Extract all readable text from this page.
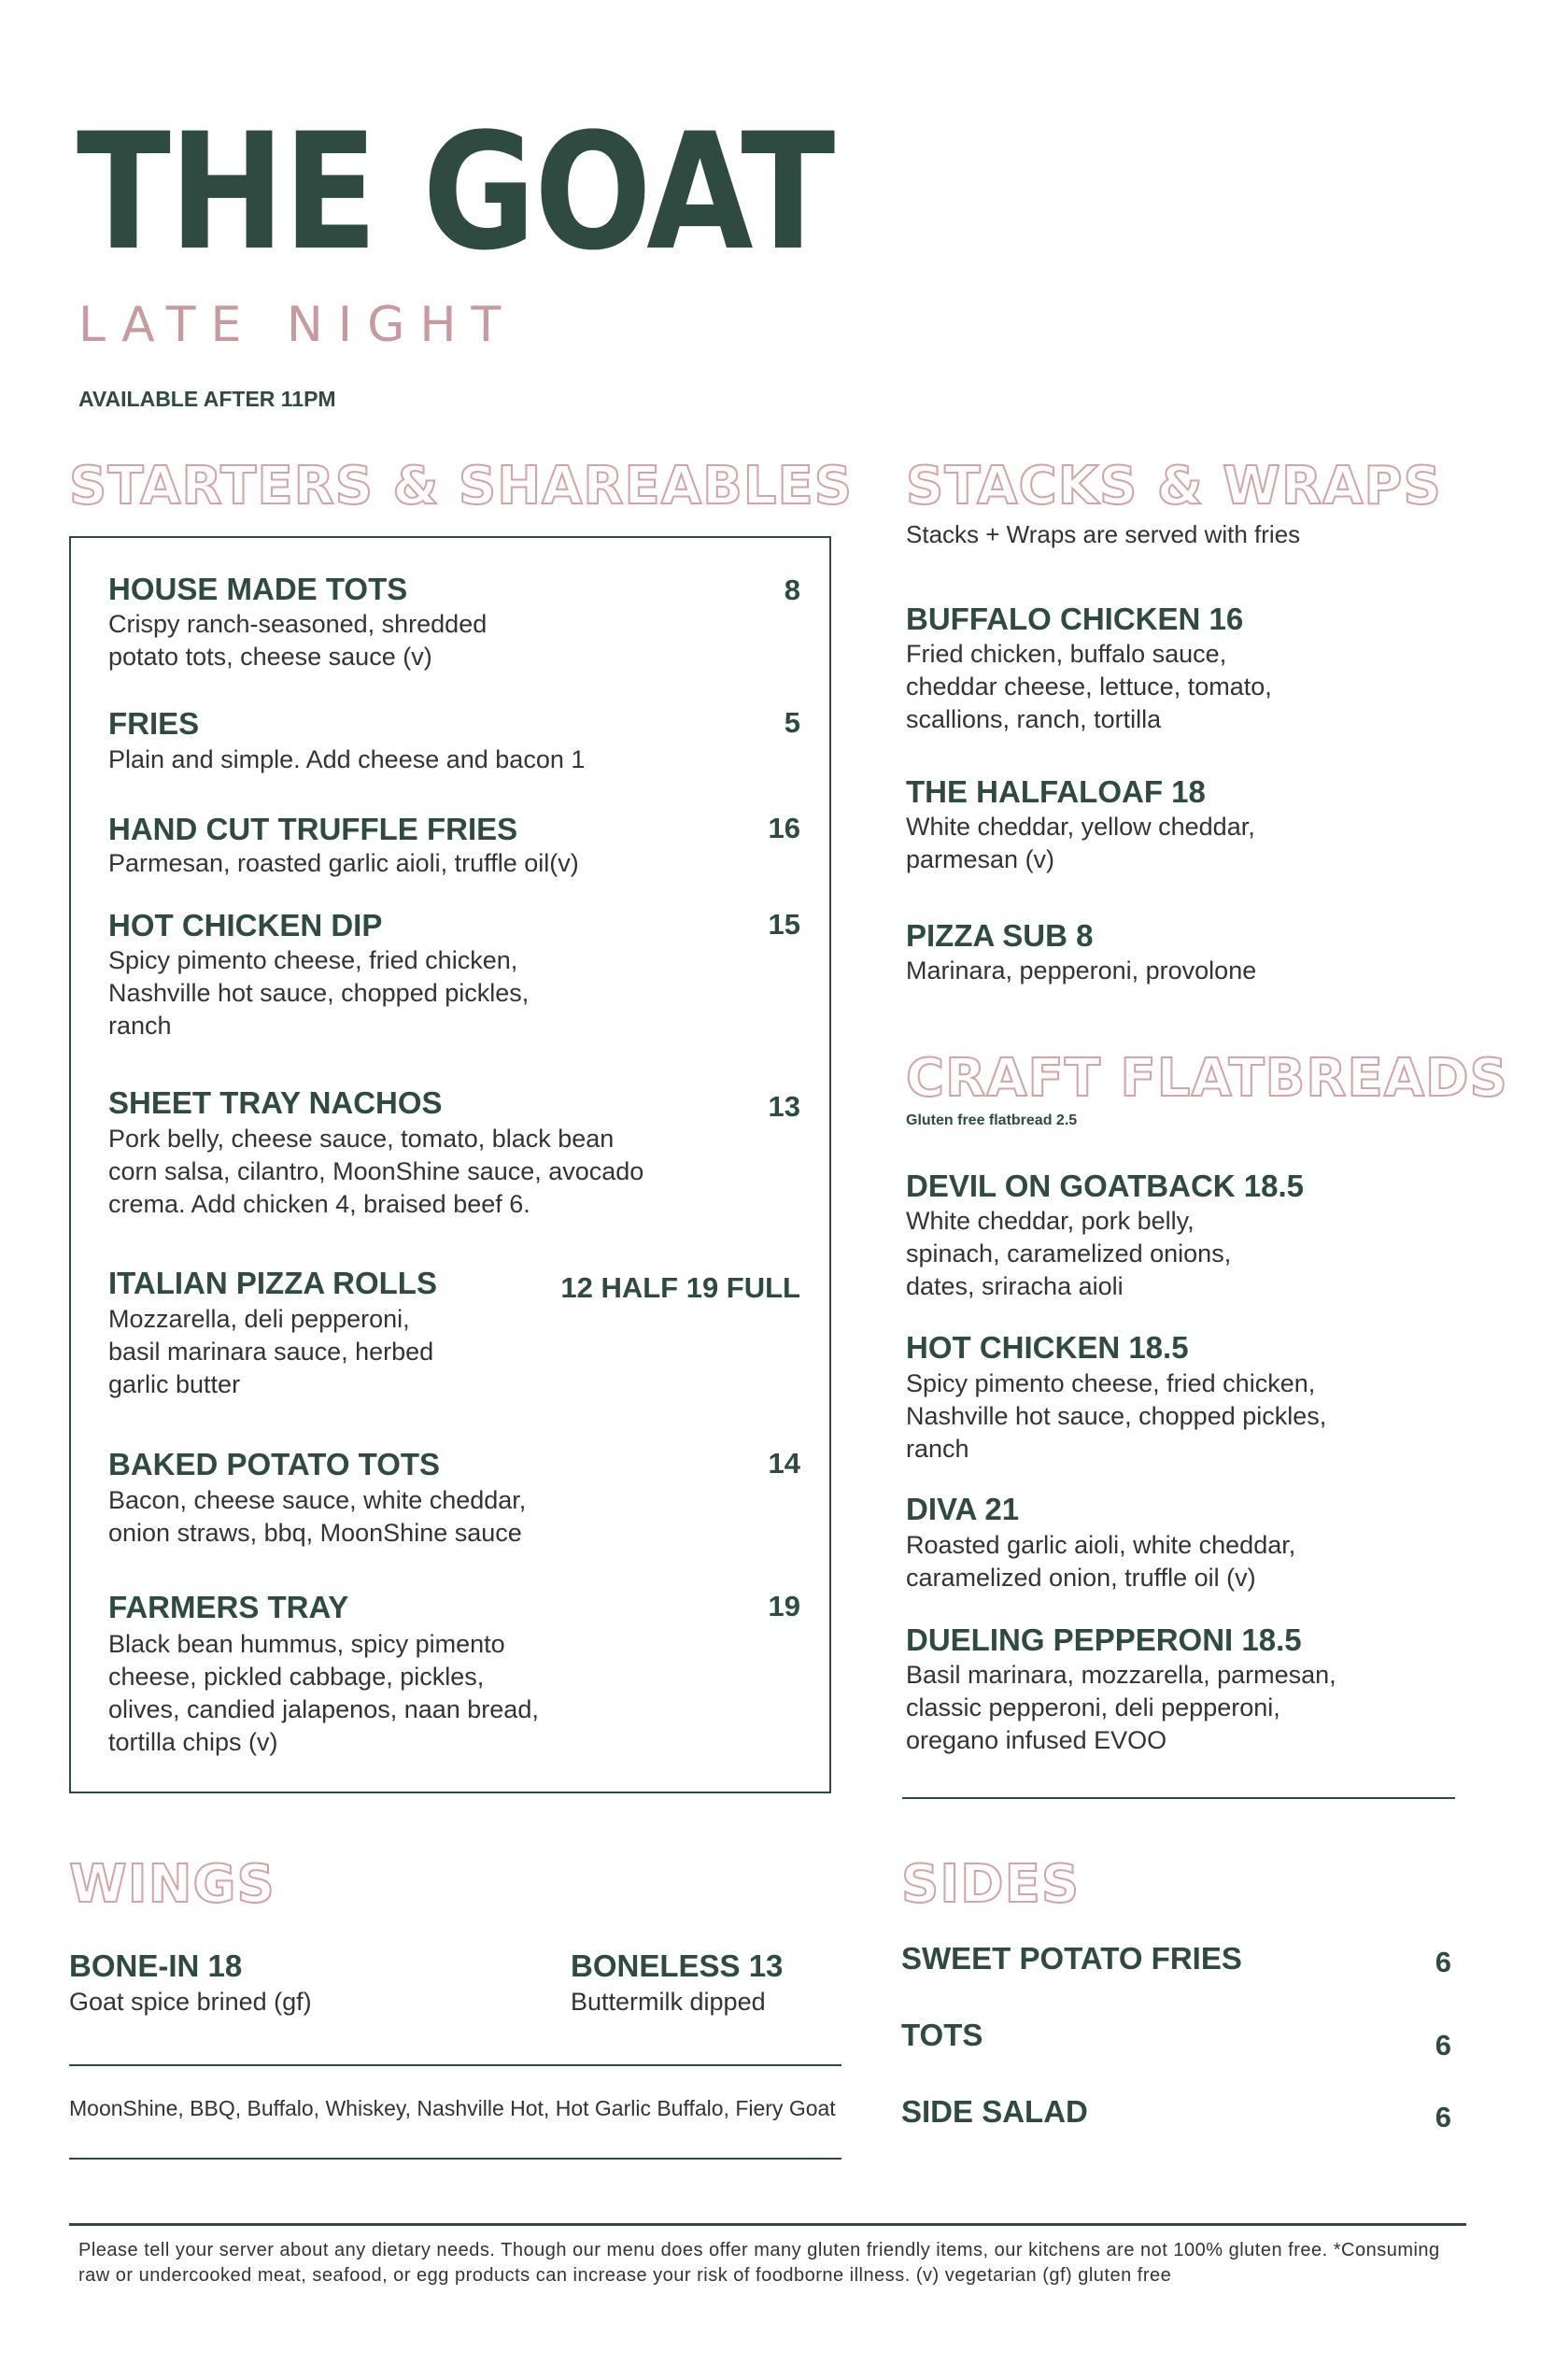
THE GOAT
LATE NIGHT
AVAILABLE AFTER 11PM
STARTERS & SHAREABLES
HOUSE MADE TOTS	8
Crispy ranch-seasoned, shredded
potato tots, cheese sauce (v)
FRIES	5
Plain and simple. Add cheese and bacon 1
HAND CUT TRUFFLE FRIES	16
Parmesan, roasted garlic aioli, truffle oil(v)
HOT CHICKEN DIP	15
Spicy pimento cheese, fried chicken,
Nashville hot sauce, chopped pickles,
ranch
SHEET TRAY NACHOS	13
Pork belly, cheese sauce, tomato, black bean
corn salsa, cilantro, MoonShine sauce, avocado
crema. Add chicken 4, braised beef 6.
ITALIAN PIZZA ROLLS	12 HALF 19 FULL
Mozzarella, deli pepperoni,
basil marinara sauce, herbed
garlic butter
BAKED POTATO TOTS	14
Bacon, cheese sauce, white cheddar,
onion straws, bbq, MoonShine sauce
FARMERS TRAY	19
Black bean hummus, spicy pimento
cheese, pickled cabbage, pickles,
olives, candied jalapenos, naan bread,
tortilla chips (v)
STACKS & WRAPS
Stacks + Wraps are served with fries
BUFFALO CHICKEN 16
Fried chicken, buffalo sauce,
cheddar cheese, lettuce, tomato,
scallions, ranch, tortilla
THE HALFALOAF 18
White cheddar, yellow cheddar,
parmesan (v)
PIZZA SUB 8
Marinara, pepperoni, provolone
CRAFT FLATBREADS
Gluten free flatbread 2.5
DEVIL ON GOATBACK 18.5
White cheddar, pork belly,
spinach, caramelized onions,
dates, sriracha aioli
HOT CHICKEN 18.5
Spicy pimento cheese, fried chicken,
Nashville hot sauce, chopped pickles,
ranch
DIVA 21
Roasted garlic aioli, white cheddar,
caramelized onion, truffle oil (v)
DUELING PEPPERONI 18.5
Basil marinara, mozzarella, parmesan,
classic pepperoni, deli pepperoni,
oregano infused EVOO
WINGS
BONE-IN 18
Goat spice brined (gf)
BONELESS 13
Buttermilk dipped
MoonShine, BBQ, Buffalo, Whiskey, Nashville Hot, Hot Garlic Buffalo, Fiery Goat
SIDES
SWEET POTATO FRIES	6
TOTS	6
SIDE SALAD	6
Please tell your server about any dietary needs. Though our menu does offer many gluten friendly items, our kitchens are not 100% gluten free. *Consuming
raw or undercooked meat, seafood, or egg products can increase your risk of foodborne illness. (v) vegetarian (gf) gluten free
